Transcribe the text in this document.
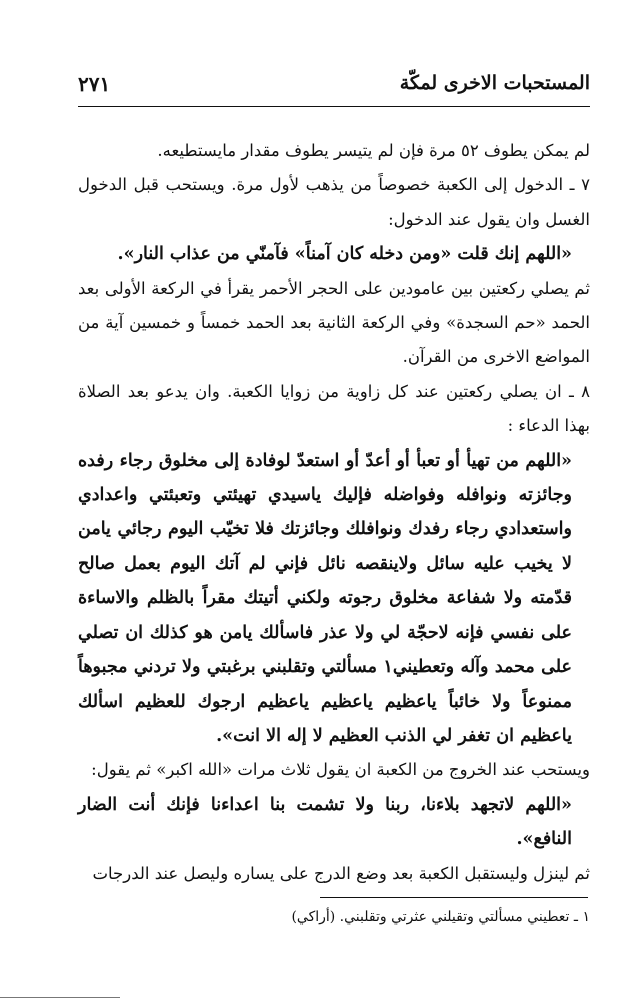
المستحبات الاخرى لمكّة
٢٧١

لم يمكن يطوف ٥٢ مرة فإن لم يتيسر يطوف مقدار مايستطيعه.

٧ ـ الدخول إلى الكعبة خصوصاً من يذهب لأول مرة. ويستحب قبل الدخول الغسل وان يقول عند الدخول:

«اللهم إنك قلت «ومن دخله كان آمناً» فآمنّي من عذاب النار».

ثم يصلي ركعتين بين عامودين على الحجر الأحمر يقرأ في الركعة الأولى بعد الحمد «حم السجدة» وفي الركعة الثانية بعد الحمد خمساً و خمسين آية من المواضع الاخرى من القرآن.

٨ ـ ان يصلي ركعتين عند كل زاوية من زوايا الكعبة. وان يدعو بعد الصلاة بهذا الدعاء :

«اللهم من تهيأ أو تعبأ أو أعدّ أو استعدّ لوفادة إلى مخلوق رجاء رفده وجائزته ونوافله وفواضله فإليك ياسيدي تهيئتي وتعبئتي واعدادي واستعدادي رجاء رفدك ونوافلك وجائزتك فلا تخيّب اليوم رجائي يامن لا يخيب عليه سائل ولاينقصه نائل فإني لم آتك اليوم بعمل صالح قدّمته ولا شفاعة مخلوق رجوته ولكني أتيتك مقراً بالظلم والاساءة على نفسي فإنه لاحجّة لي ولا عذر فاسألك يامن هو كذلك ان تصلي على محمد وآله وتعطيني١ مسألتي وتقلبني برغبتي ولا تردني مجبوهاً ممنوعاً ولا خائباً ياعظيم ياعظيم ياعظيم ارجوك للعظيم اسألك ياعظيم ان تغفر لي الذنب العظيم لا إله الا انت».

ويستحب عند الخروج من الكعبة ان يقول ثلاث مرات «الله اكبر» ثم يقول:

«اللهم لاتجهد بلاءنا، ربنا ولا تشمت بنا اعداءنا فإنك أنت الضار النافع».

ثم لينزل وليستقبل الكعبة بعد وضع الدرج على يساره وليصل عند الدرجات

١ ـ تعطيني مسألتي وتقيلني عثرتي وتقلبني. (أراكي)
